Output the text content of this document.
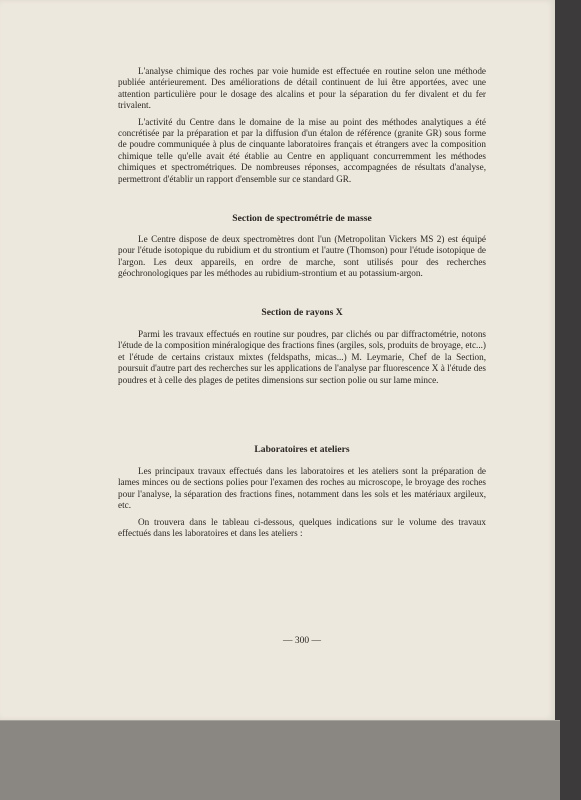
L'analyse chimique des roches par voie humide est effectuée en routine selon une méthode publiée antérieurement. Des améliorations de détail continuent de lui être apportées, avec une attention particulière pour le dosage des alcalins et pour la séparation du fer divalent et du fer trivalent.

L'activité du Centre dans le domaine de la mise au point des méthodes analytiques a été concrétisée par la préparation et par la diffusion d'un étalon de référence (granite GR) sous forme de poudre communiquée à plus de cinquante laboratoires français et étrangers avec la composition chimique telle qu'elle avait été établie au Centre en appliquant concurremment les méthodes chimiques et spectrométriques. De nombreuses réponses, accompagnées de résultats d'analyse, permettront d'établir un rapport d'ensemble sur ce standard GR.

Section de spectrométrie de masse

Le Centre dispose de deux spectromètres dont l'un (Metropolitan Vickers MS 2) est équipé pour l'étude isotopique du rubidium et du strontium et l'autre (Thomson) pour l'étude isotopique de l'argon. Les deux appareils, en ordre de marche, sont utilisés pour des recherches géochronologiques par les méthodes au rubidium-strontium et au potassium-argon.

Section de rayons X

Parmi les travaux effectués en routine sur poudres, par clichés ou par diffractométrie, notons l'étude de la composition minéralogique des fractions fines (argiles, sols, produits de broyage, etc...) et l'étude de certains cristaux mixtes (feldspaths, micas...) M. Leymarie, Chef de la Section, poursuit d'autre part des recherches sur les applications de l'analyse par fluorescence X à l'étude des poudres et à celle des plages de petites dimensions sur section polie ou sur lame mince.

Laboratoires et ateliers

Les principaux travaux effectués dans les laboratoires et les ateliers sont la préparation de lames minces ou de sections polies pour l'examen des roches au microscope, le broyage des roches pour l'analyse, la séparation des fractions fines, notamment dans les sols et les matériaux argileux, etc.

On trouvera dans le tableau ci-dessous, quelques indications sur le volume des travaux effectués dans les laboratoires et dans les ateliers :

— 300 —
